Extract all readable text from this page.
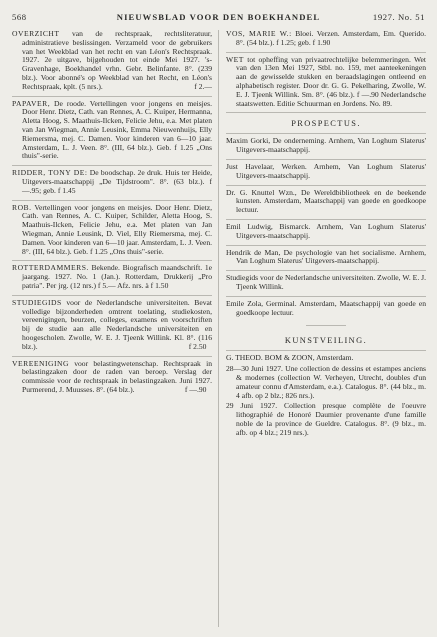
568	NIEUWSBLAD VOOR DEN BOEKHANDEL	1927. No. 51
OVERZICHT van de rechtspraak, rechtsliteratuur, administratieve beslissingen. Verzameld voor de gebruikers van het Weekblad van het recht en van Léon's Rechtspraak. 1927. 2e uitgave, bijgehouden tot einde Mei 1927. 's-Gravenhage, Boekhandel vrhn. Gebr. Belinfante. 8°. (239 blz.). Voor abonné's op Weekblad van het Recht, en Léon's Rechtspraak, kplt. (5 nrs.).	f 2.—
PAPAVER, De roode. Vertellingen voor jongens en meisjes. Door Henr. Dietz, Cath. van Rennes, A. C. Kuiper, Hermanna, Aletta Hoog, S. Maathuis-Ilcken, Felicie Jehu, e.a. Met platen van Jan Wiegman, Annie Leusink, Emma Nieuwenhuijs, Elly Riemersma, mej. C. Damen. Voor kinderen van 6—10 jaar. Amsterdam, L. J. Veen. 8°. (III, 64 blz.). Geb. f 1.25 „Ons thuis"-serie.
RIDDER, TONY DE: De boodschap. 2e druk. Huis ter Heide, Uitgevers-maatschappij „De Tijdstroom". 8°. (63 blz.). f —.95; geb. f 1.45
ROB. Vertellingen voor jongens en meisjes. Door Henr. Dietz, Cath. van Rennes, A. C. Kuiper, Schilder, Aletta Hoog, S. Maathuis-Ilcken, Felicie Jehu, e.a. Met platen van Jan Wiegman, Annie Leusink, D. Viel, Elly Riemersma, mej. C. Damen. Voor kinderen van 6—10 jaar. Amsterdam, L. J. Veen. 8°. (III, 64 blz.). Geb. f 1.25 „Ons thuis"-serie.
ROTTERDAMMERS. Bekende. Biografisch maandschrift. 1e jaargang. 1927. No. 1 (Jan.). Rotterdam, Drukkerij „Pro patria". Per jrg. (12 nrs.) f 5.— Afz. nrs. à f 1.50
STUDIEGIDS voor de Nederlandsche universiteiten. Bevat volledige bijzonderheden omtrent toelating, studiekosten, vereenigingen, beurzen, colleges, examens en voorschriften bij de studie aan alle Nederlandsche universiteiten en hoogescholen. Zwolle, W. E. J. Tjeenk Willink. Kl. 8°. (116 blz.).	f 2.50
VEREENIGING voor belastingwetenschap. Rechtspraak in belastingzaken door de raden van beroep. Verslag der commissie voor de rechtspraak in belastingzaken. Juni 1927. Purmerend, J. Muusses. 8°. (64 blz.).	f —.90
VOS, MARIE W.: Bloei. Verzen. Amsterdam, Em. Querido. 8°. (54 blz.). f 1.25; geb. f 1.90
WET tot opheffing van privaatrechtelijke belemmeringen. Wet van den 13en Mei 1927, Stbl. no. 159, met aanteekeningen aan de gewisselde stukken en beraadslagingen ontleend en alphabetisch register. Door dr. G. G. Pekelharing, Zwolle, W. E. J. Tjeenk Willink. Sm. 8°. (46 blz.). f —.90 Nederlandsche staatswetten. Editie Schuurman en Jordens. No. 89.
PROSPECTUS.
Maxim Gorki, De onderneming. Arnhem, Van Loghum Slaterus' Uitgevers-maatschappij.
Just Havelaar, Werken. Arnhem, Van Loghum Slaterus' Uitgevers-maatschappij.
Dr. G. Knuttel Wzn., De Wereldbibliotheek en de beekende kunsten. Amsterdam, Maatschappij van goede en goedkoope lectuur.
Emil Ludwig, Bismarck. Arnhem, Van Loghum Slaterus' Uitgevers-maatschappij.
Hendrik de Man, De psychologie van het socialisme. Arnhem, Van Loghum Slaterus' Uitgevers-maatschappij.
Studiegids voor de Nederlandsche universiteiten. Zwolle, W. E. J. Tjeenk Willink.
Emile Zola, Germinal. Amsterdam, Maatschappij van goede en goedkoope lectuur.
KUNSTVEILING.
G. THEOD. BOM & ZOON, Amsterdam.
28—30 Juni 1927. Une collection de dessins et estampes anciens & modernes (collection W. Verheyen, Utrecht, doubles d'un amateur connu d'Amsterdam, e.a.). Catalogus. 8°. (44 blz., m. 4 afb. op 2 blz.; 826 nrs.).
29 Juni 1927. Collection presque complète de l'oeuvre lithographié de Honoré Daumier provenante d'une famille noble de la province de Gueldre. Catalogus. 8°. (9 blz., m. afb. op 4 blz.; 219 nrs.).
